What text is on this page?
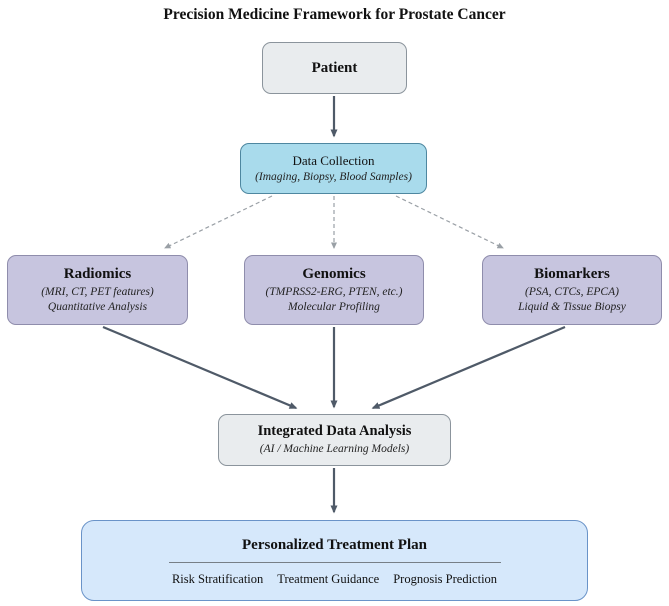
Precision Medicine Framework for Prostate Cancer
Patient
Data Collection
(Imaging, Biopsy, Blood Samples)
Radiomics
(MRI, CT, PET features)
Quantitative Analysis
Genomics
(TMPRSS2-ERG, PTEN, etc.)
Molecular Profiling
Biomarkers
(PSA, CTCs, EPCA)
Liquid & Tissue Biopsy
Integrated Data Analysis
(AI / Machine Learning Models)
Personalized Treatment Plan
Risk Stratification Treatment Guidance Prognosis Prediction
